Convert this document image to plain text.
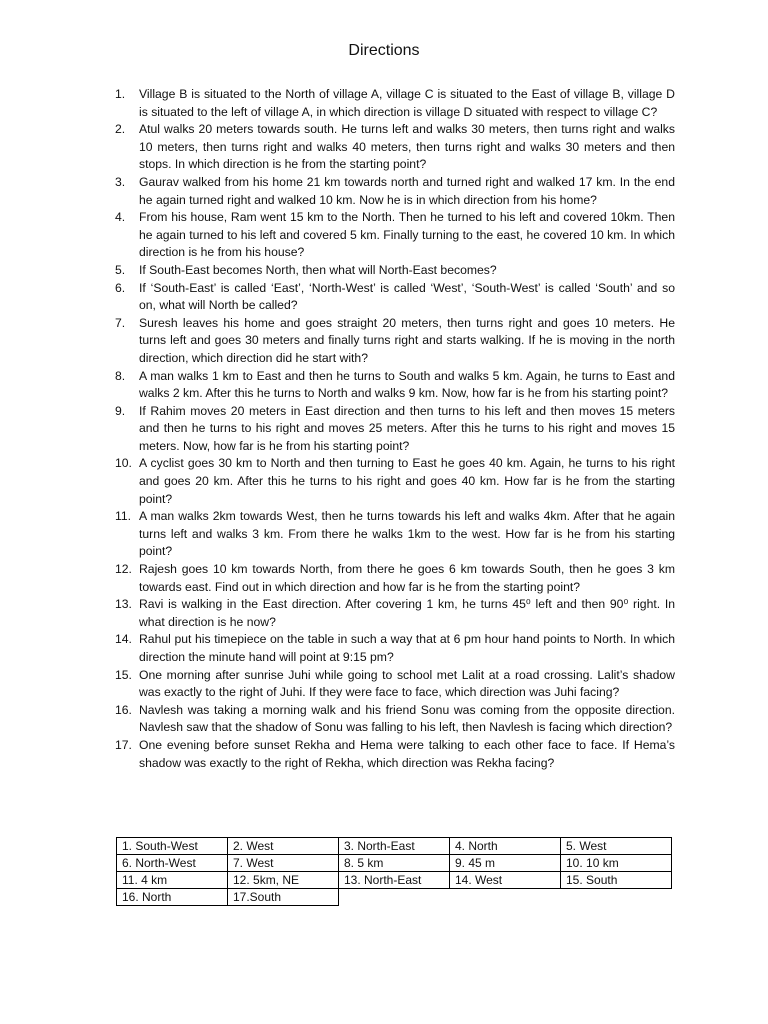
Directions
1. Village B is situated to the North of village A, village C is situated to the East of village B, village D is situated to the left of village A, in which direction is village D situated with respect to village C?
2. Atul walks 20 meters towards south. He turns left and walks 30 meters, then turns right and walks 10 meters, then turns right and walks 40 meters, then turns right and walks 30 meters and then stops. In which direction is he from the starting point?
3. Gaurav walked from his home 21 km towards north and turned right and walked 17 km. In the end he again turned right and walked 10 km. Now he is in which direction from his home?
4. From his house, Ram went 15 km to the North. Then he turned to his left and covered 10km. Then he again turned to his left and covered 5 km. Finally turning to the east, he covered 10 km. In which direction is he from his house?
5. If South-East becomes North, then what will North-East becomes?
6. If ‘South-East’ is called ‘East’, ‘North-West’ is called ‘West’, ‘South-West’ is called ‘South’ and so on, what will North be called?
7. Suresh leaves his home and goes straight 20 meters, then turns right and goes 10 meters. He turns left and goes 30 meters and finally turns right and starts walking. If he is moving in the north direction, which direction did he start with?
8. A man walks 1 km to East and then he turns to South and walks 5 km. Again, he turns to East and walks 2 km. After this he turns to North and walks 9 km. Now, how far is he from his starting point?
9. If Rahim moves 20 meters in East direction and then turns to his left and then moves 15 meters and then he turns to his right and moves 25 meters. After this he turns to his right and moves 15 meters. Now, how far is he from his starting point?
10. A cyclist goes 30 km to North and then turning to East he goes 40 km. Again, he turns to his right and goes 20 km. After this he turns to his right and goes 40 km. How far is he from the starting point?
11. A man walks 2km towards West, then he turns towards his left and walks 4km. After that he again turns left and walks 3 km. From there he walks 1km to the west. How far is he from his starting point?
12. Rajesh goes 10 km towards North, from there he goes 6 km towards South, then he goes 3 km towards east. Find out in which direction and how far is he from the starting point?
13. Ravi is walking in the East direction. After covering 1 km, he turns 45⁰ left and then 90⁰ right. In what direction is he now?
14. Rahul put his timepiece on the table in such a way that at 6 pm hour hand points to North. In which direction the minute hand will point at 9:15 pm?
15. One morning after sunrise Juhi while going to school met Lalit at a road crossing. Lalit’s shadow was exactly to the right of Juhi. If they were face to face, which direction was Juhi facing?
16. Navlesh was taking a morning walk and his friend Sonu was coming from the opposite direction. Navlesh saw that the shadow of Sonu was falling to his left, then Navlesh is facing which direction?
17. One evening before sunset Rekha and Hema were talking to each other face to face. If Hema’s shadow was exactly to the right of Rekha, which direction was Rekha facing?
1. South-West	2. West	3. North-East	4. North	5. West
6. North-West	7. West	8. 5 km	9. 45 m	10. 10 km
11. 4 km	12. 5km, NE	13. North-East	14. West	15. South
16. North	17.South			
